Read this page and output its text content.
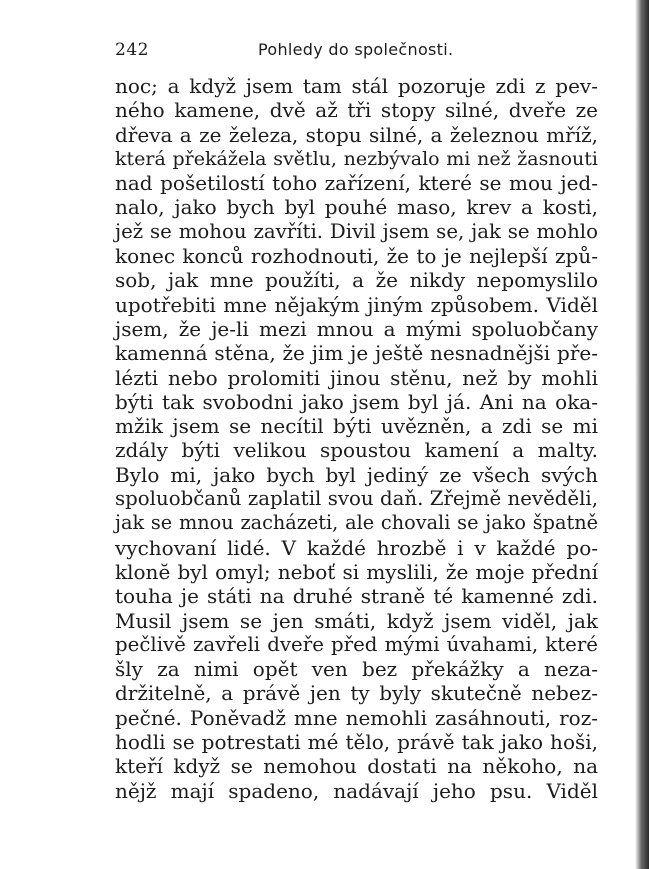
242	Pohledy do společnosti.
noc; a když jsem tam stál pozoruje zdi z pev-
ného kamene, dvě až tři stopy silné, dveře ze
dřeva a ze železa, stopu silné, a železnou mříž,
která překážela světlu, nezbývalo mi než žasnouti
nad pošetilostí toho zařízení, které se mou jed-
nalo, jako bych byl pouhé maso, krev a kosti,
jež se mohou zavříti. Divil jsem se, jak se mohlo
konec konců rozhodnouti, že to je nejlepší způ-
sob, jak mne použíti, a že nikdy nepomyslilo
upotřebiti mne nějakým jiným způsobem. Viděl
jsem, že je-li mezi mnou a mými spoluobčany
kamenná stěna, že jim je ještě nesnadnějši pře-
lézti nebo prolomiti jinou stěnu, než by mohli
býti tak svobodni jako jsem byl já. Ani na oka-
mžik jsem se necítil býti uvězněn, a zdi se mi
zdály býti velikou spoustou kamení a malty.
Bylo mi, jako bych byl jediný ze všech svých
spoluobčanů zaplatil svou daň. Zřejmě nevěděli,
jak se mnou zacházeti, ale chovali se jako špatně
vychovaní lidé. V každé hrozbě i v každé po-
klonĕ byl omyl; neboť si myslili, že moje přední
touha je státi na druhé straně té kamenné zdi.
Musil jsem se jen smáti, když jsem viděl, jak
pečlivě zavřeli dveře před mými úvahami, které
šly za nimi opět ven bez překážky a neza-
držitelně, a právě jen ty byly skutečně nebez-
pečné. Poněvadž mne nemohli zasáhnouti, roz-
hodli se potrestati mé tělo, právě tak jako hoši,
kteří když se nemohou dostati na někoho, na
nějž mají spadeno, nadávají jeho psu. Viděl
